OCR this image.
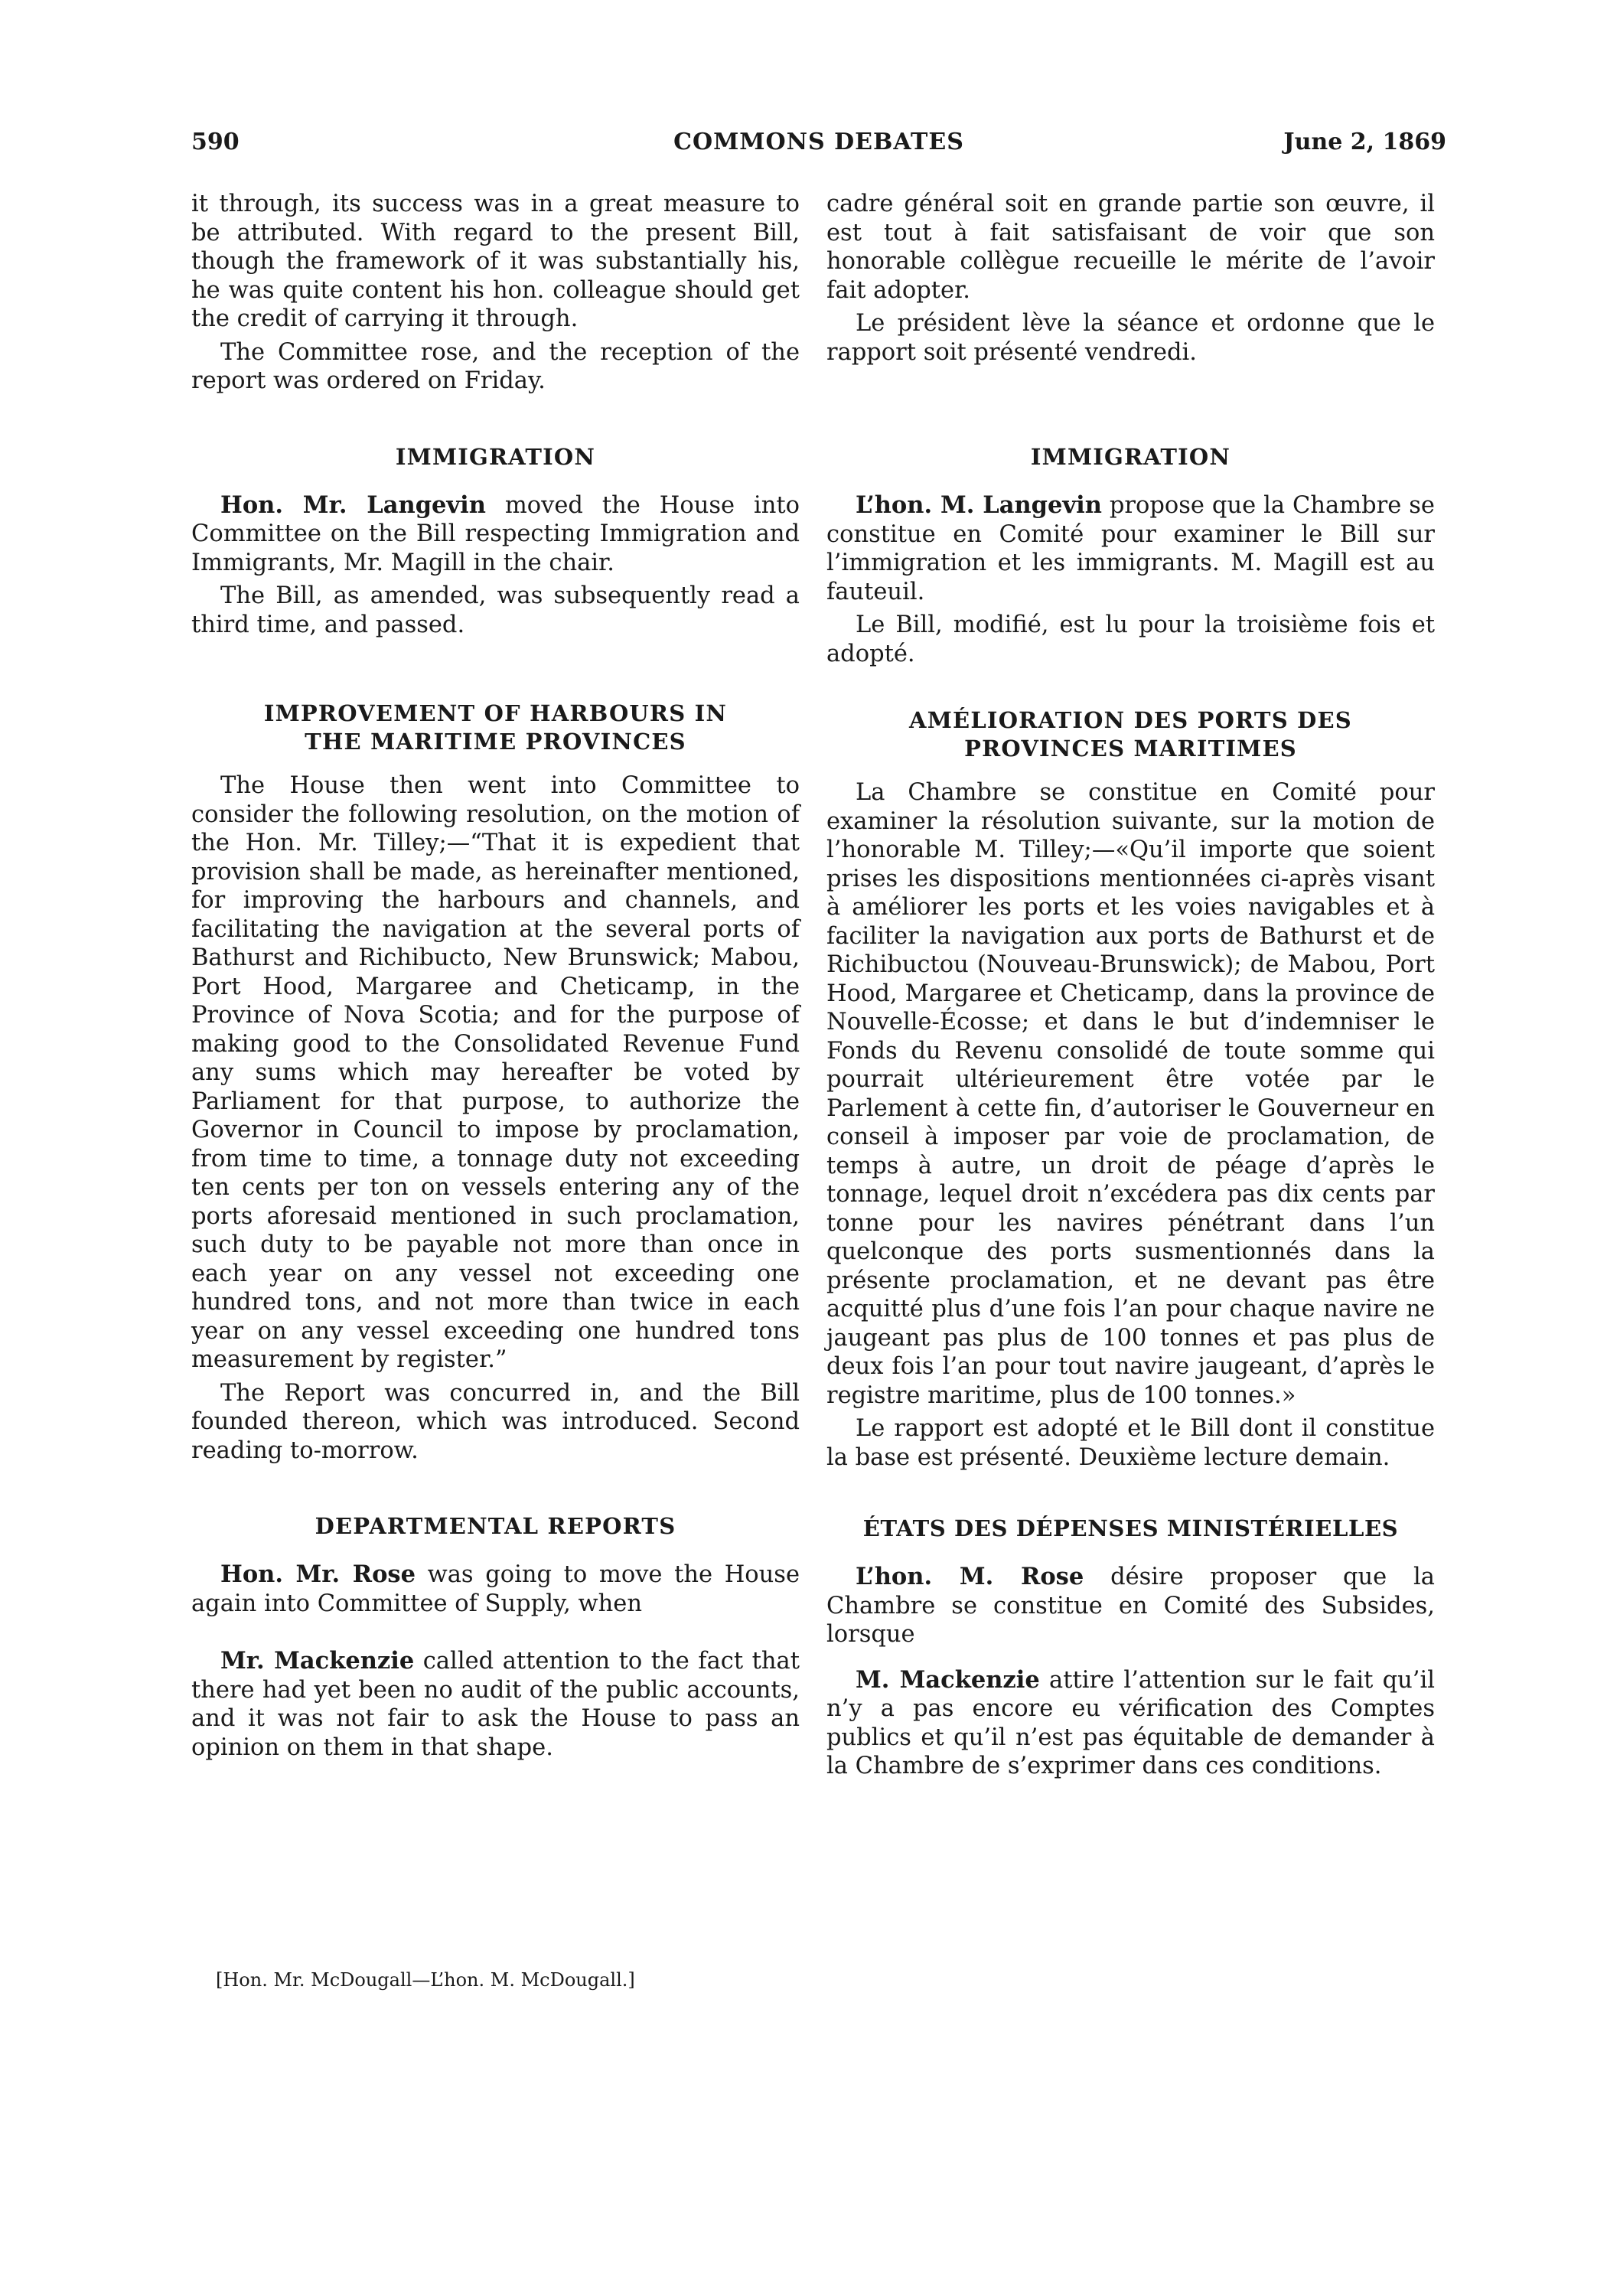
590	COMMONS DEBATES	June 2, 1869

it through, its success was in a great measure to be attributed. With regard to the present Bill, though the framework of it was substantially his, he was quite content his hon. colleague should get the credit of carrying it through.

The Committee rose, and the reception of the report was ordered on Friday.

IMMIGRATION

Hon. Mr. Langevin moved the House into Committee on the Bill respecting Immigration and Immigrants, Mr. Magill in the chair.

The Bill, as amended, was subsequently read a third time, and passed.

IMPROVEMENT OF HARBOURS IN
THE MARITIME PROVINCES

The House then went into Committee to consider the following resolution, on the motion of the Hon. Mr. Tilley;—“That it is expedient that provision shall be made, as hereinafter mentioned, for improving the harbours and channels, and facilitating the navigation at the several ports of Bathurst and Richibucto, New Brunswick; Mabou, Port Hood, Margaree and Cheticamp, in the Province of Nova Scotia; and for the purpose of making good to the Consolidated Revenue Fund any sums which may hereafter be voted by Parliament for that purpose, to authorize the Governor in Council to impose by proclamation, from time to time, a tonnage duty not exceeding ten cents per ton on vessels entering any of the ports aforesaid mentioned in such proclamation, such duty to be payable not more than once in each year on any vessel not exceeding one hundred tons, and not more than twice in each year on any vessel exceeding one hundred tons measurement by register.”

The Report was concurred in, and the Bill founded thereon, which was introduced. Second reading to-morrow.

DEPARTMENTAL REPORTS

Hon. Mr. Rose was going to move the House again into Committee of Supply, when

Mr. Mackenzie called attention to the fact that there had yet been no audit of the public accounts, and it was not fair to ask the House to pass an opinion on them in that shape.

cadre général soit en grande partie son œuvre, il est tout à fait satisfaisant de voir que son honorable collègue recueille le mérite de l’avoir fait adopter.

Le président lève la séance et ordonne que le rapport soit présenté vendredi.

IMMIGRATION

L’hon. M. Langevin propose que la Chambre se constitue en Comité pour examiner le Bill sur l’immigration et les immigrants. M. Magill est au fauteuil.

Le Bill, modifié, est lu pour la troisième fois et adopté.

AMÉLIORATION DES PORTS DES
PROVINCES MARITIMES

La Chambre se constitue en Comité pour examiner la résolution suivante, sur la motion de l’honorable M. Tilley;—«Qu’il importe que soient prises les dispositions mentionnées ci-après visant à améliorer les ports et les voies navigables et à faciliter la navigation aux ports de Bathurst et de Richibuctou (Nouveau-Brunswick); de Mabou, Port Hood, Margaree et Cheticamp, dans la province de Nouvelle-Écosse; et dans le but d’indemniser le Fonds du Revenu consolidé de toute somme qui pourrait ultérieurement être votée par le Parlement à cette fin, d’autoriser le Gouverneur en conseil à imposer par voie de proclamation, de temps à autre, un droit de péage d’après le tonnage, lequel droit n’excédera pas dix cents par tonne pour les navires pénétrant dans l’un quelconque des ports susmentionnés dans la présente proclamation, et ne devant pas être acquitté plus d’une fois l’an pour chaque navire ne jaugeant pas plus de 100 tonnes et pas plus de deux fois l’an pour tout navire jaugeant, d’après le registre maritime, plus de 100 tonnes.»

Le rapport est adopté et le Bill dont il constitue la base est présenté. Deuxième lecture demain.

ÉTATS DES DÉPENSES MINISTÉRIELLES

L’hon. M. Rose désire proposer que la Chambre se constitue en Comité des Subsides, lorsque

M. Mackenzie attire l’attention sur le fait qu’il n’y a pas encore eu vérification des Comptes publics et qu’il n’est pas équitable de demander à la Chambre de s’exprimer dans ces conditions.

[Hon. Mr. McDougall—L’hon. M. McDougall.]
